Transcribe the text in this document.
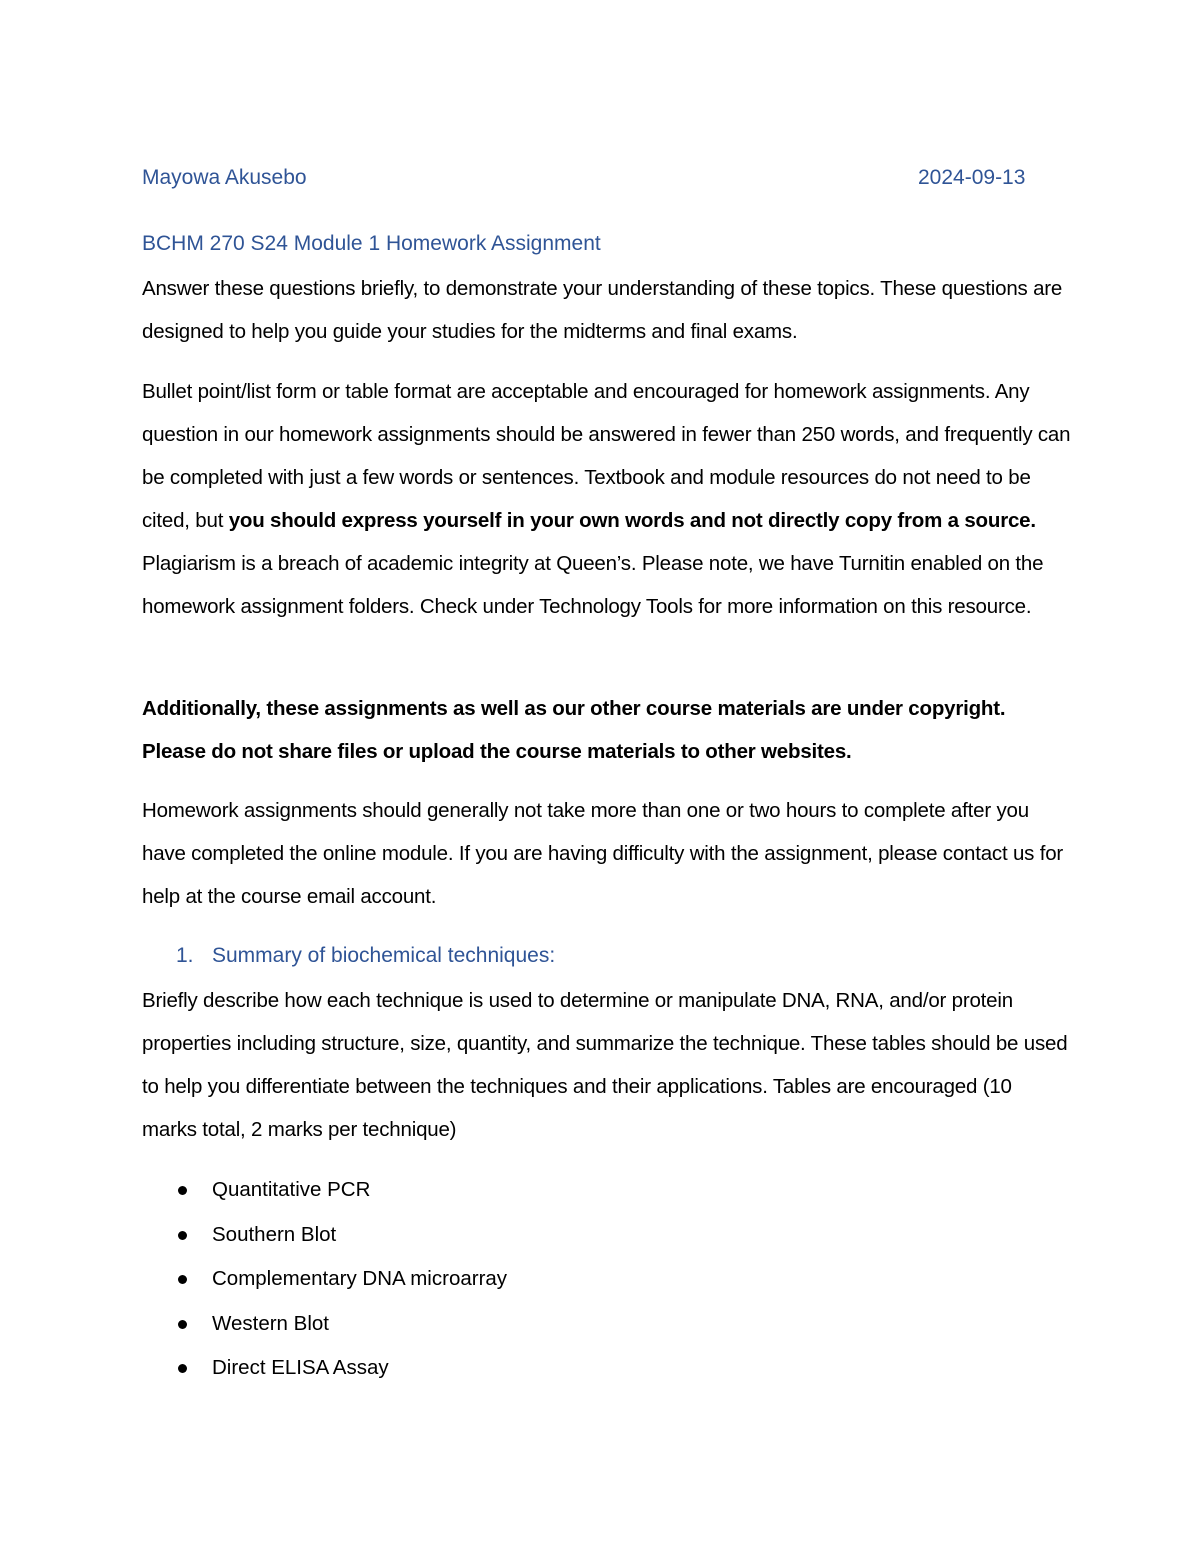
Mayowa Akusebo	2024-09-13

BCHM 270 S24 Module 1 Homework Assignment

Answer these questions briefly, to demonstrate your understanding of these topics. These questions are designed to help you guide your studies for the midterms and final exams.

Bullet point/list form or table format are acceptable and encouraged for homework assignments. Any question in our homework assignments should be answered in fewer than 250 words, and frequently can be completed with just a few words or sentences. Textbook and module resources do not need to be cited, but you should express yourself in your own words and not directly copy from a source. Plagiarism is a breach of academic integrity at Queen’s. Please note, we have Turnitin enabled on the homework assignment folders. Check under Technology Tools for more information on this resource.

Additionally, these assignments as well as our other course materials are under copyright. Please do not share files or upload the course materials to other websites.

Homework assignments should generally not take more than one or two hours to complete after you have completed the online module. If you are having difficulty with the assignment, please contact us for help at the course email account.

1. Summary of biochemical techniques:

Briefly describe how each technique is used to determine or manipulate DNA, RNA, and/or protein properties including structure, size, quantity, and summarize the technique. These tables should be used to help you differentiate between the techniques and their applications. Tables are encouraged (10 marks total, 2 marks per technique)

Quantitative PCR
Southern Blot
Complementary DNA microarray
Western Blot
Direct ELISA Assay
